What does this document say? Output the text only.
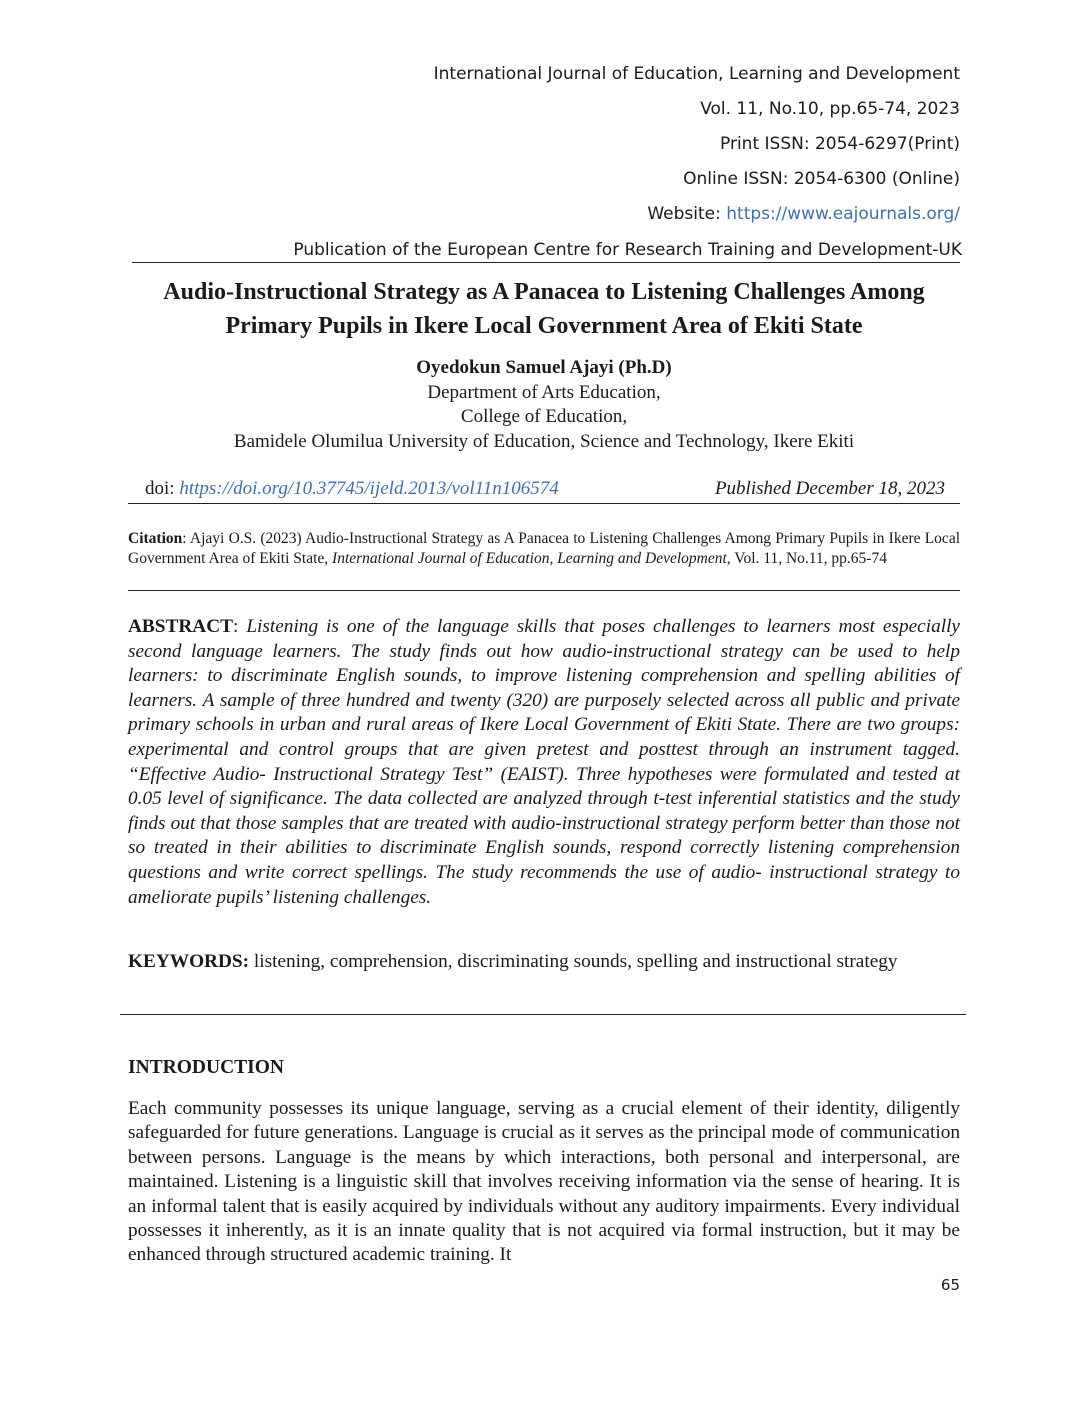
International Journal of Education, Learning and Development
Vol. 11, No.10, pp.65-74, 2023
Print ISSN: 2054-6297(Print)
Online ISSN: 2054-6300 (Online)
Website: https://www.eajournals.org/
Publication of the European Centre for Research Training and Development-UK
Audio-Instructional Strategy as A Panacea to Listening Challenges Among
Primary Pupils in Ikere Local Government Area of Ekiti State
Oyedokun Samuel Ajayi (Ph.D)
Department of Arts Education,
College of Education,
Bamidele Olumilua University of Education, Science and Technology, Ikere Ekiti
doi: https://doi.org/10.37745/ijeld.2013/vol11n106574	Published December 18, 2023
Citation: Ajayi O.S. (2023) Audio-Instructional Strategy as A Panacea to Listening Challenges Among Primary Pupils in Ikere Local Government Area of Ekiti State, International Journal of Education, Learning and Development, Vol. 11, No.11, pp.65-74
ABSTRACT: Listening is one of the language skills that poses challenges to learners most especially second language learners. The study finds out how audio-instructional strategy can be used to help learners: to discriminate English sounds, to improve listening comprehension and spelling abilities of learners. A sample of three hundred and twenty (320) are purposely selected across all public and private primary schools in urban and rural areas of Ikere Local Government of Ekiti State. There are two groups: experimental and control groups that are given pretest and posttest through an instrument tagged. “Effective Audio- Instructional Strategy Test” (EAIST). Three hypotheses were formulated and tested at 0.05 level of significance. The data collected are analyzed through t-test inferential statistics and the study finds out that those samples that are treated with audio-instructional strategy perform better than those not so treated in their abilities to discriminate English sounds, respond correctly listening comprehension questions and write correct spellings. The study recommends the use of audio- instructional strategy to ameliorate pupils’ listening challenges.
KEYWORDS: listening, comprehension, discriminating sounds, spelling and instructional strategy
INTRODUCTION
Each community possesses its unique language, serving as a crucial element of their identity, diligently safeguarded for future generations. Language is crucial as it serves as the principal mode of communication between persons. Language is the means by which interactions, both personal and interpersonal, are maintained. Listening is a linguistic skill that involves receiving information via the sense of hearing. It is an informal talent that is easily acquired by individuals without any auditory impairments. Every individual possesses it inherently, as it is an innate quality that is not acquired via formal instruction, but it may be enhanced through structured academic training. It
65
